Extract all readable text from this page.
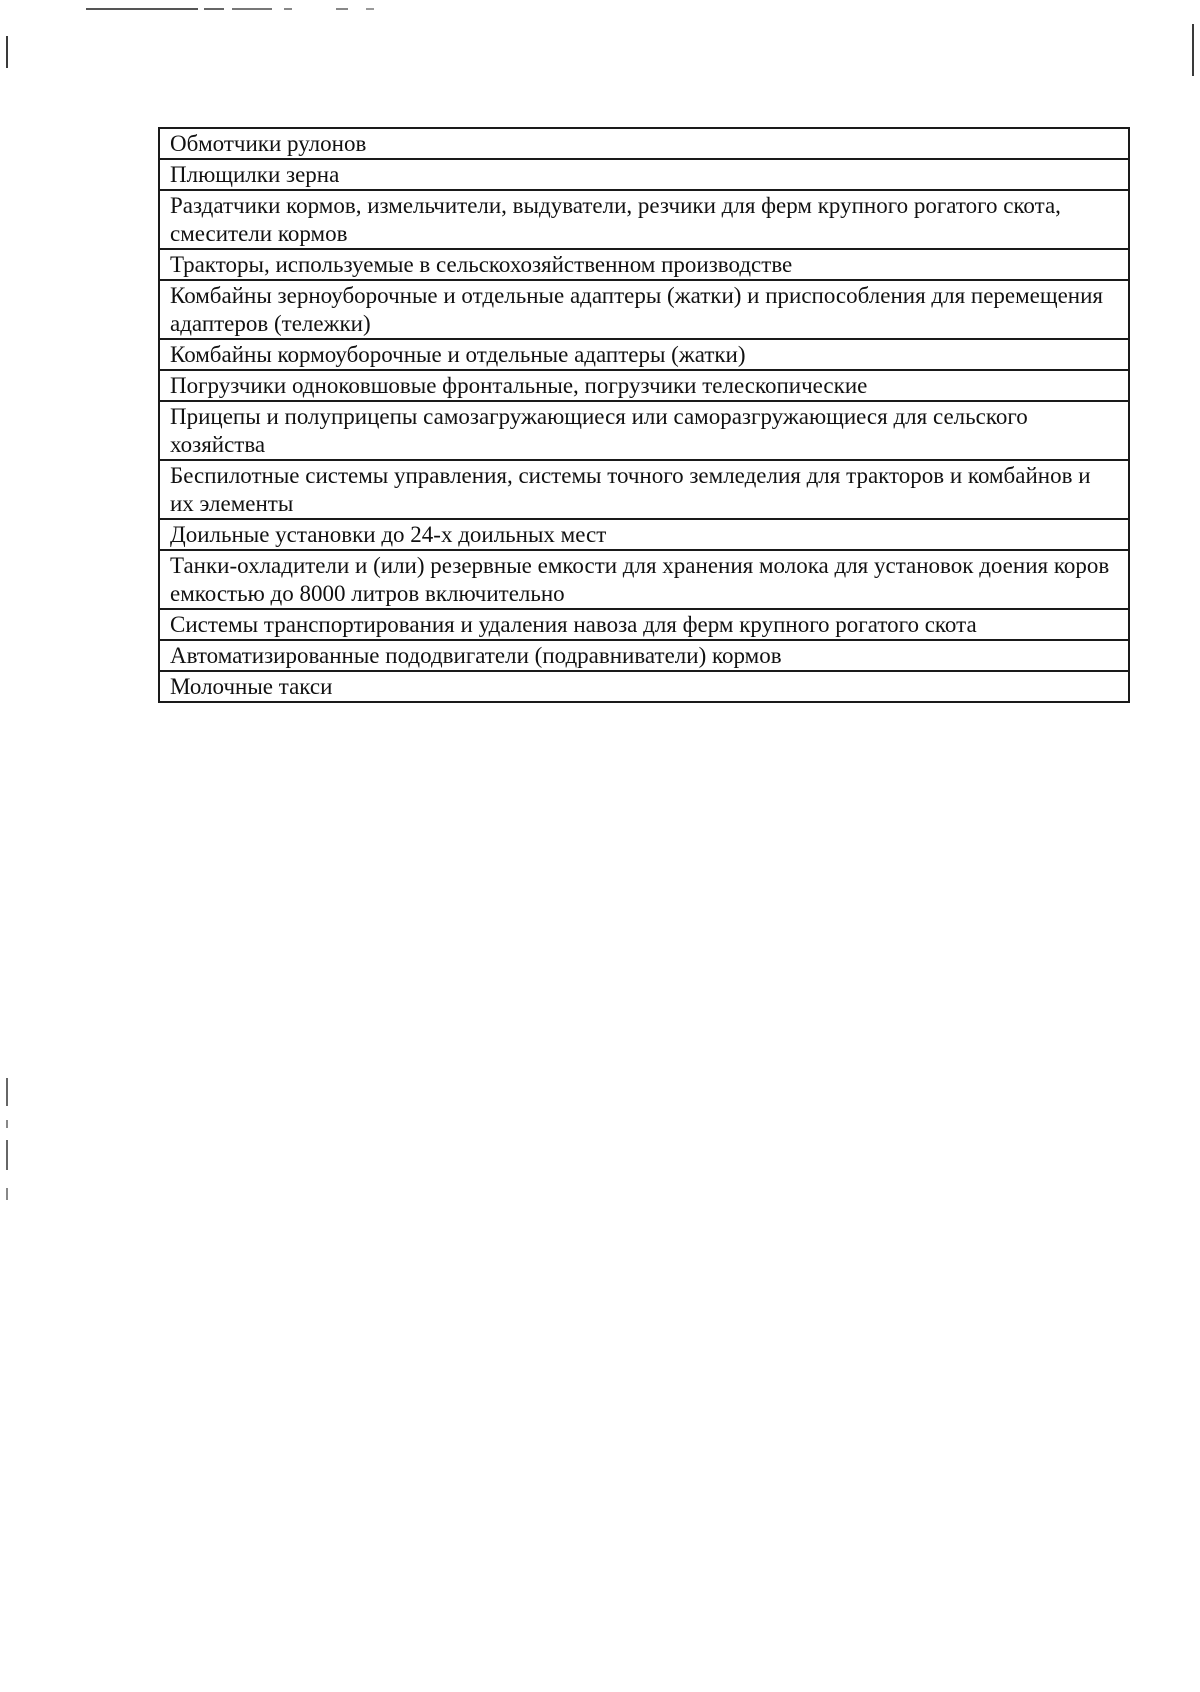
Обмотчики рулонов
Плющилки зерна
Раздатчики кормов, измельчители, выдуватели, резчики для ферм крупного рогатого скота, смесители кормов
Тракторы, используемые в сельскохозяйственном производстве
Комбайны зерноуборочные и отдельные адаптеры (жатки) и приспособления для перемещения адаптеров (тележки)
Комбайны кормоуборочные и отдельные адаптеры (жатки)
Погрузчики одноковшовые фронтальные, погрузчики телескопические
Прицепы и полуприцепы самозагружающиеся или саморазгружающиеся для сельского хозяйства
Беспилотные системы управления, системы точного земледелия для тракторов и комбайнов и их элементы
Доильные установки до 24-х доильных мест
Танки-охладители и (или) резервные емкости для хранения молока для установок доения коров емкостью до 8000 литров включительно
Системы транспортирования и удаления навоза для ферм крупного рогатого скота
Автоматизированные пододвигатели (подравниватели) кормов
Молочные такси
